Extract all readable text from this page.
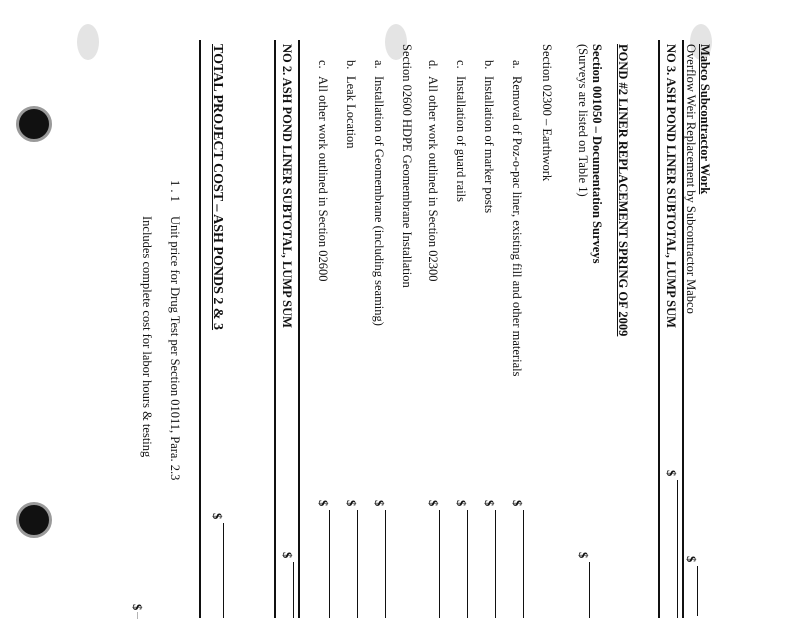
Mabco Subcontractor Work
Overflow Weir Replacement by Subcontractor Mabco
$
NO 3. ASH POND LINER SUBTOTAL, LUMP SUM
$
POND #2 LINER REPLACEMENT SPRING OF 2009
Section 001050 – Documentation Surveys
(Surveys are listed on Table 1)
$
Section 02300 – Earthwork
a.
Removal of Poz-o-pac liner, existing fill and other materials
$
b.
Installation of marker posts
$
c.
Installation of guard rails
$
d.
All other work outlined in Section 02300
$
Section 02600 HDPE Geomembrane Installation
a.
Installation of Geomembrane (including seaming)
$
b.
Leak Location
$
c.
All other work outlined in Section 02600
$
NO 2. ASH POND LINER SUBTOTAL, LUMP SUM
$
TOTAL PROJECT COST – ASH PONDS 2 & 3
$
1 . 1
Unit price for Drug Test per Section 01011, Para. 2.3
Includes complete cost for labor hours & testing
$
—
